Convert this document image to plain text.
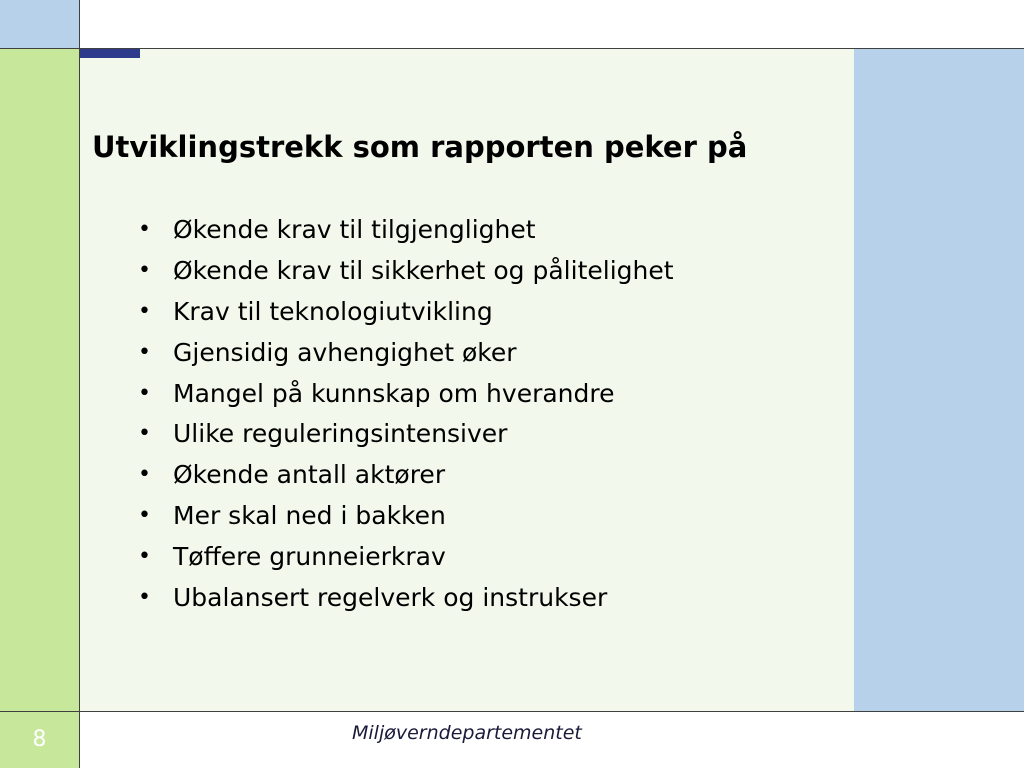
Utviklingstrekk som rapporten peker på
• Økende krav til tilgjenglighet
• Økende krav til sikkerhet og pålitelighet
• Krav til teknologiutvikling
• Gjensidig avhengighet øker
• Mangel på kunnskap om hverandre
• Ulike reguleringsintensiver
• Økende antall aktører
• Mer skal ned i bakken
• Tøffere grunneierkrav
• Ubalansert regelverk og instrukser
8	Miljøverndepartementet
